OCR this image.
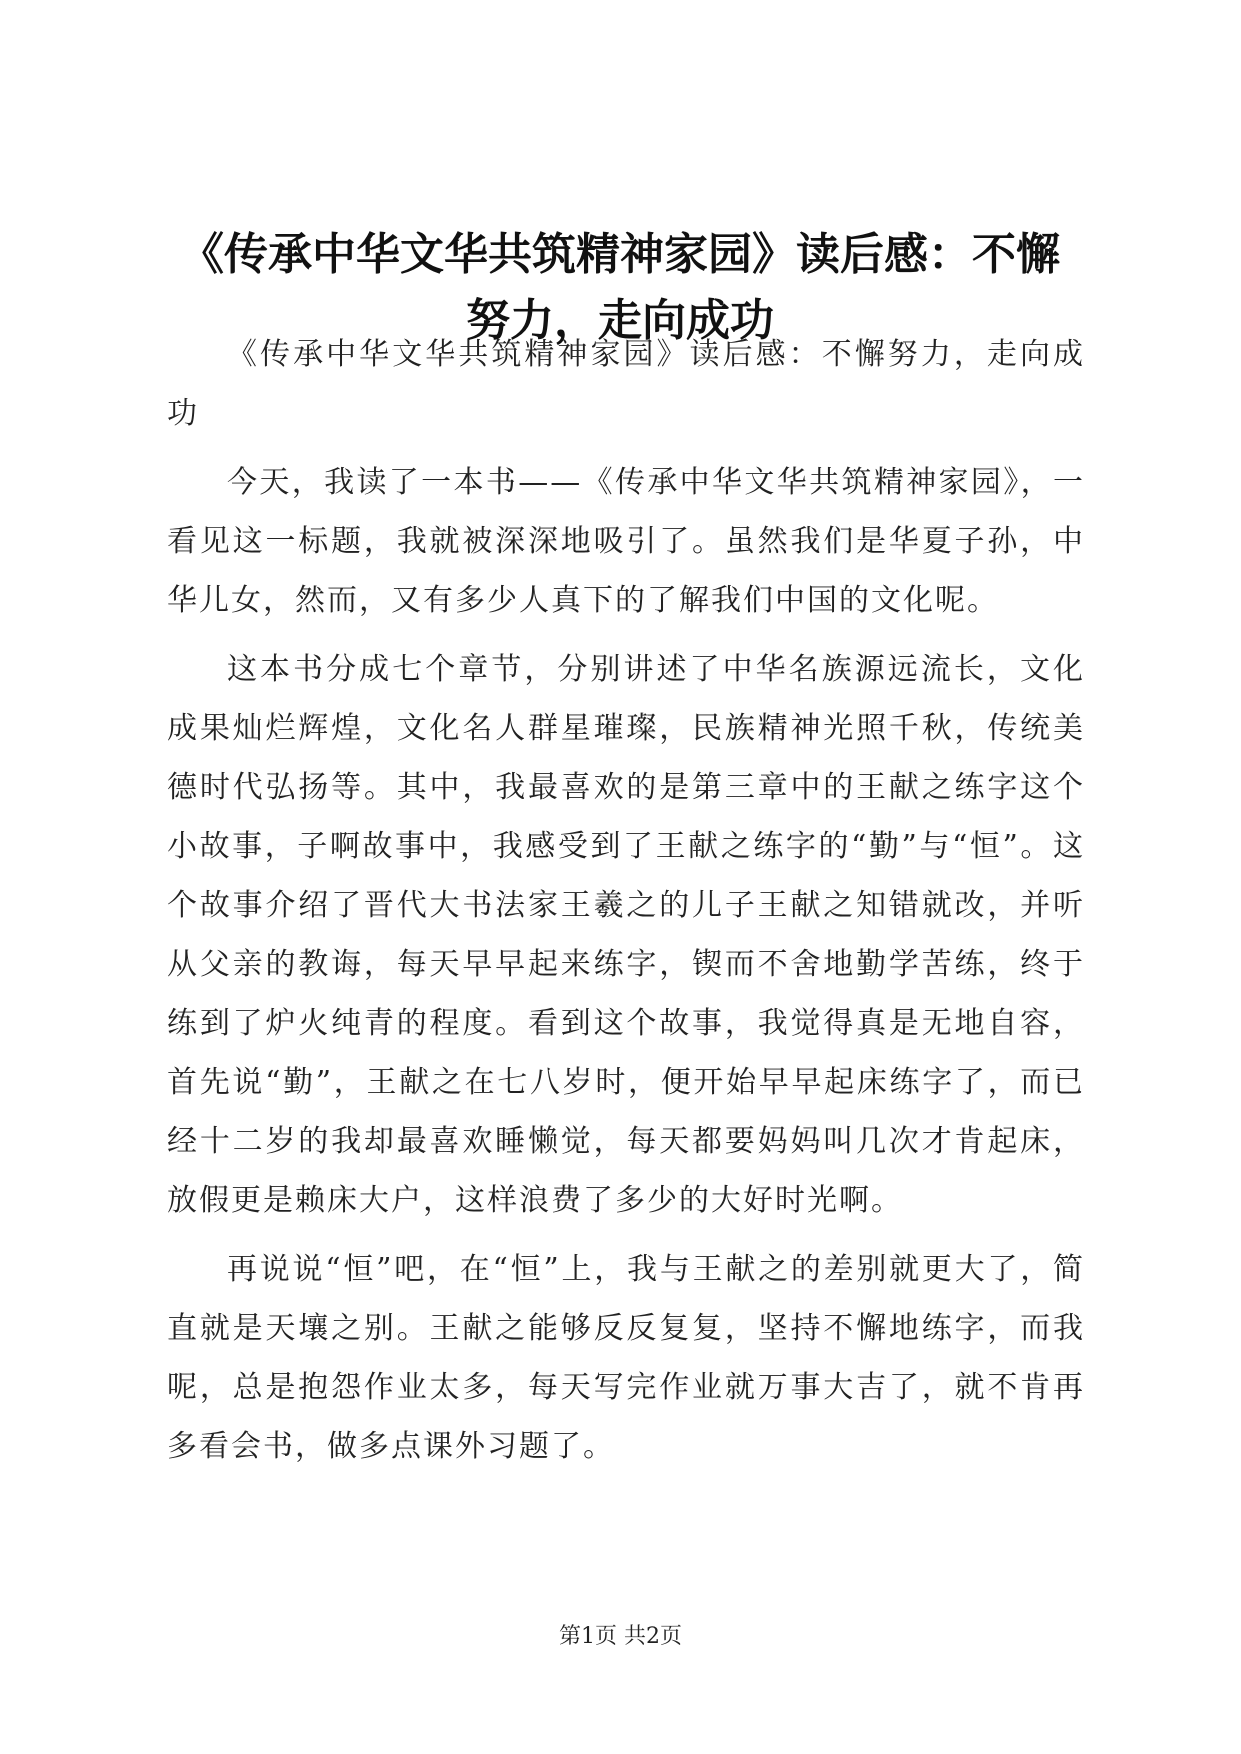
《传承中华文华共筑精神家园》读后感：不懈努力，走向成功

《传承中华文华共筑精神家园》读后感：不懈努力，走向成功

今天，我读了一本书——《传承中华文华共筑精神家园》，一看见这一标题，我就被深深地吸引了。虽然我们是华夏子孙，中华儿女，然而，又有多少人真下的了解我们中国的文化呢。

这本书分成七个章节，分别讲述了中华名族源远流长，文化成果灿烂辉煌，文化名人群星璀璨，民族精神光照千秋，传统美德时代弘扬等。其中，我最喜欢的是第三章中的王献之练字这个小故事，子啊故事中，我感受到了王献之练字的“勤”与“恒”。这个故事介绍了晋代大书法家王羲之的儿子王献之知错就改，并听从父亲的教诲，每天早早起来练字，锲而不舍地勤学苦练，终于练到了炉火纯青的程度。看到这个故事，我觉得真是无地自容，首先说“勤”，王献之在七八岁时，便开始早早起床练字了，而已经十二岁的我却最喜欢睡懒觉，每天都要妈妈叫几次才肯起床，放假更是赖床大户，这样浪费了多少的大好时光啊。

再说说“恒”吧，在“恒”上，我与王献之的差别就更大了，简直就是天壤之别。王献之能够反反复复，坚持不懈地练字，而我呢，总是抱怨作业太多，每天写完作业就万事大吉了，就不肯再多看会书，做多点课外习题了。

第1页 共2页
